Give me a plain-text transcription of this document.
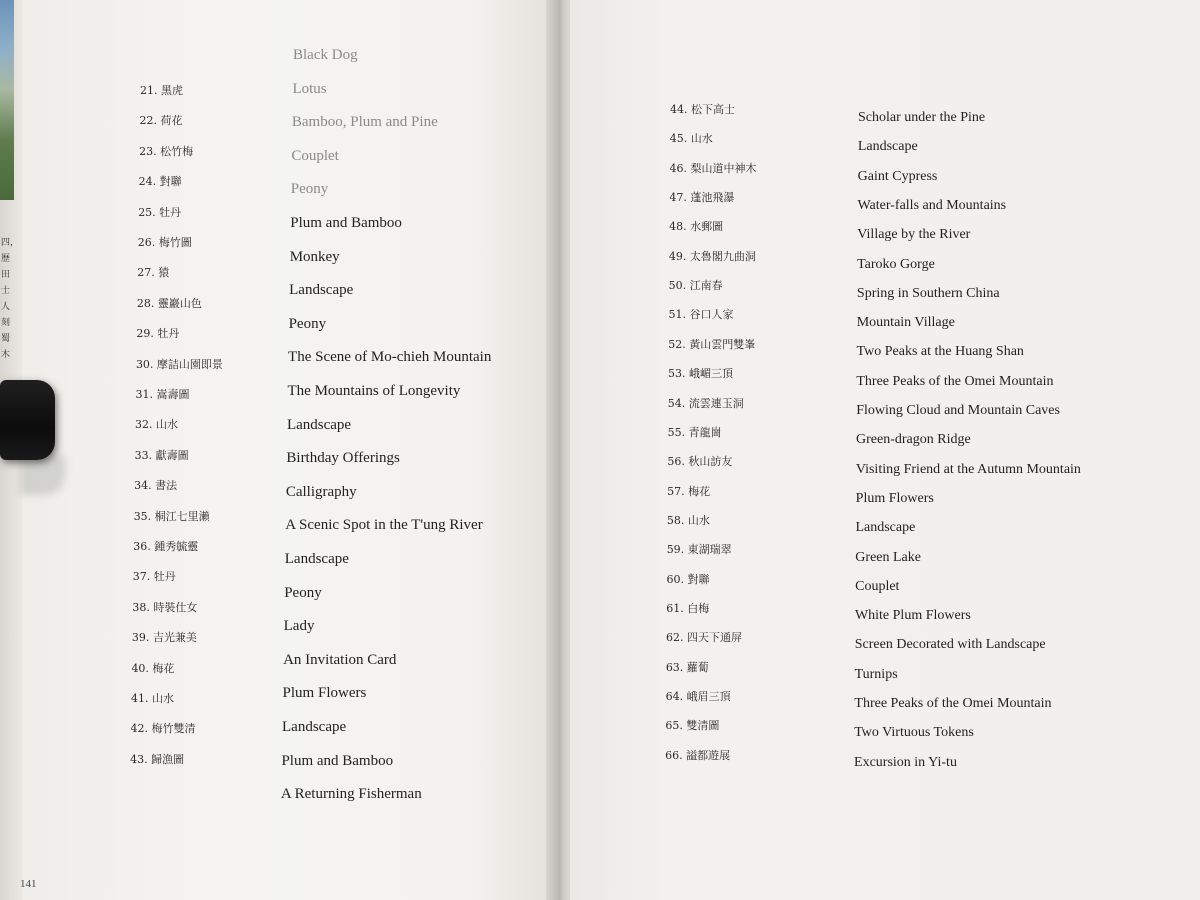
四，歷田士人刻蜀木
21. 黑虎
Black Dog
22. 荷花
Lotus
23. 松竹梅
Bamboo, Plum and Pine
24. 對聯
Couplet
25. 牡丹
Peony
26. 梅竹圖
Plum and Bamboo
27. 猿
Monkey
28. 靈巖山色
Landscape
29. 牡丹
Peony
30. 摩詰山園即景	The Scene of Mo-chieh Mountain
31. 嵩壽圖	The Mountains of Longevity
32. 山水	Landscape
33. 獻壽圖	Birthday Offerings
34. 書法	Calligraphy
35. 桐江七里瀨
A Scenic Spot in the T'ung River
36. 鍾秀毓靈
Landscape
37. 牡丹
Peony
38. 時裝仕女
Lady
39. 吉光兼美
An Invitation Card
40. 梅花
Plum Flowers
41. 山水
Landscape
42. 梅竹雙清
Plum and Bamboo
43. 歸漁圖
A Returning Fisherman
44. 松下高士
Scholar under the Pine
45. 山水
Landscape
46. 梨山道中神木
Gaint Cypress
47. 蓬池飛瀑
Water-falls and Mountains
48. 水郵圖
Village by the River
49. 太魯閣九曲洞
Taroko Gorge
50. 江南春
Spring in Southern China
51. 谷口人家
Mountain Village
52. 黃山雲門雙峯
Two Peaks at the Huang Shan
53. 峨嵋三頂
Three Peaks of the Omei Mountain
54. 流雲連玉洞	Flowing Cloud and Mountain Caves
55. 青龍崗	Green-dragon Ridge
56. 秋山訪友	Visiting Friend at the Autumn Mountain
57. 梅花	Plum Flowers
58. 山水	Landscape
59. 東湖瑞翠	Green Lake
60. 對聯	Couplet
61. 白梅	White Plum Flowers
62. 四天下通屏	Screen Decorated with Landscape
63. 蘿蔔	Turnips
64. 峨眉三頂	Three Peaks of the Omei Mountain
65. 雙清圖	Two Virtuous Tokens
66. 謚都遊展	Excursion in Yi-tu
141
